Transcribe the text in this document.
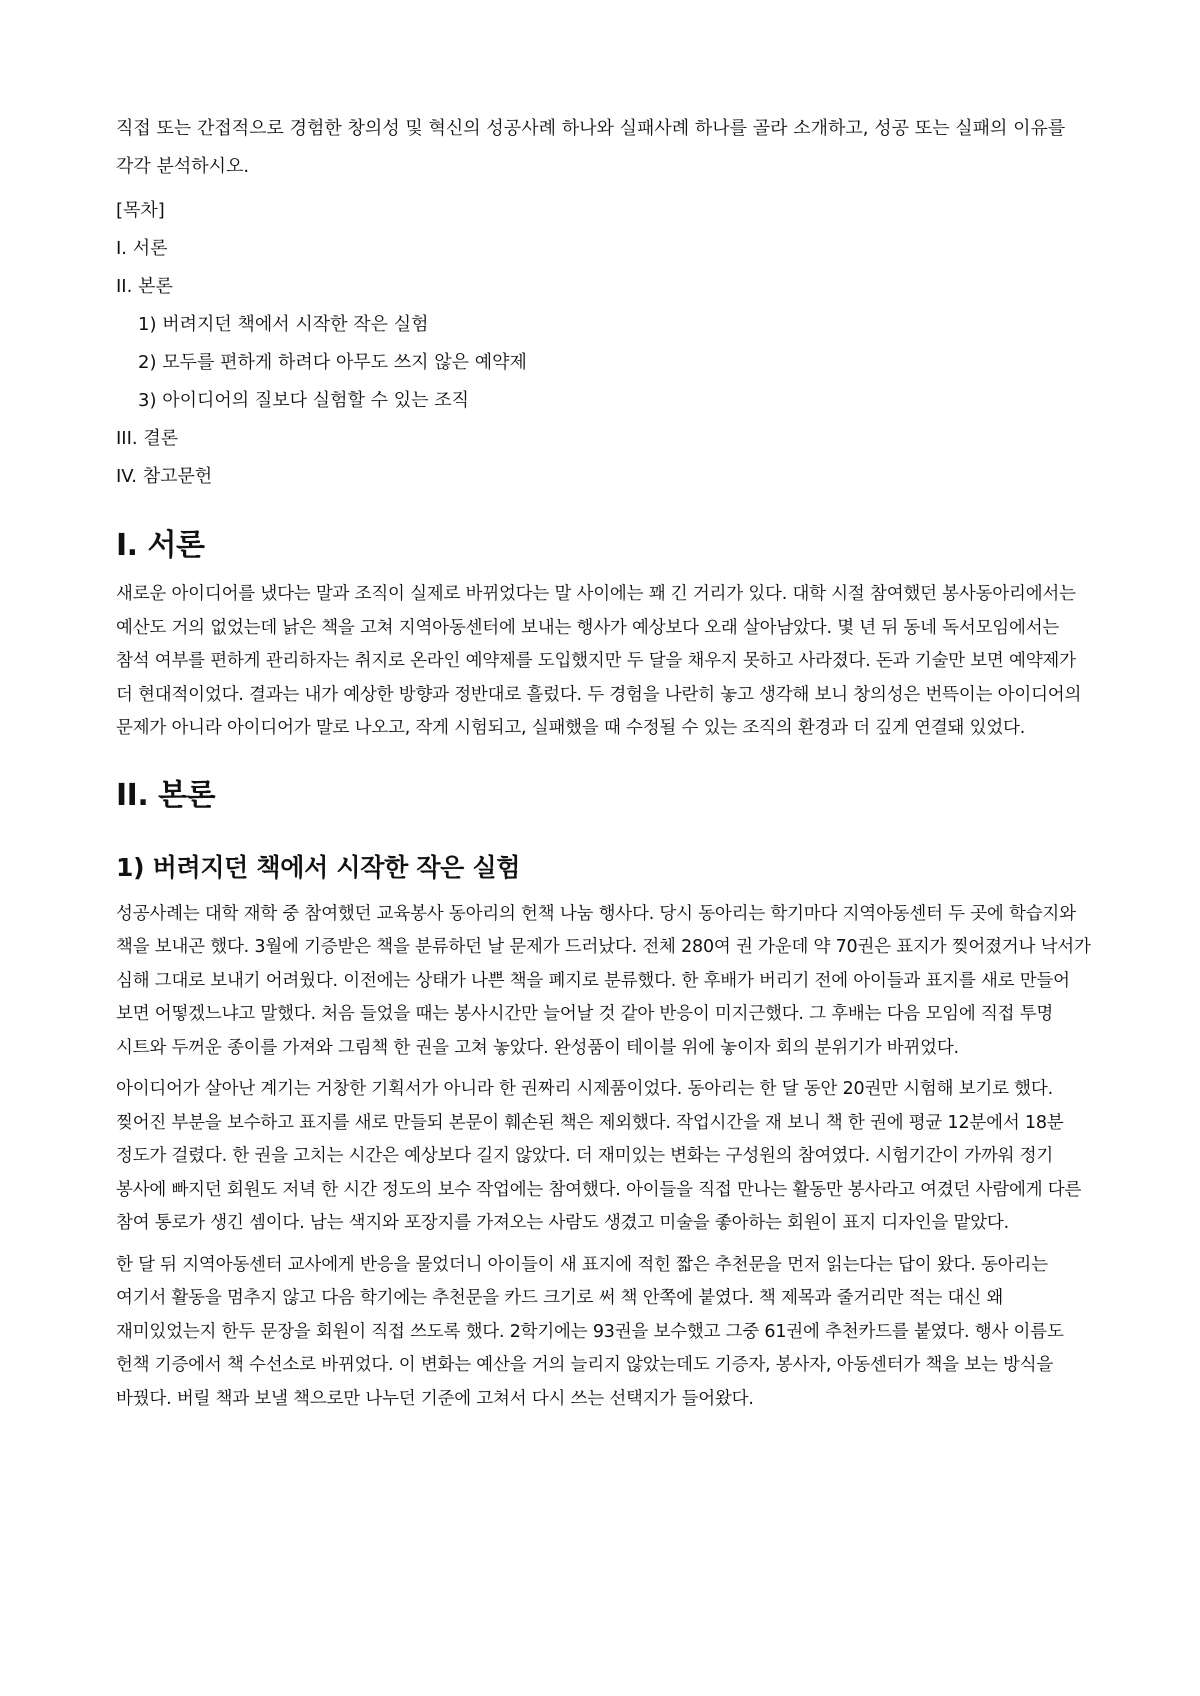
직접 또는 간접적으로 경험한 창의성 및 혁신의 성공사례 하나와 실패사례 하나를 골라 소개하고, 성공 또는 실패의 이유를 각각 분석하시오.

[목차]

I. 서론
II. 본론
1) 버려지던 책에서 시작한 작은 실험
2) 모두를 편하게 하려다 아무도 쓰지 않은 예약제
3) 아이디어의 질보다 실험할 수 있는 조직
III. 결론
IV. 참고문헌
I. 서론

새로운 아이디어를 냈다는 말과 조직이 실제로 바뀌었다는 말 사이에는 꽤 긴 거리가 있다. 대학 시절 참여했던 봉사동아리에서는 예산도 거의 없었는데 낡은 책을 고쳐 지역아동센터에 보내는 행사가 예상보다 오래 살아남았다. 몇 년 뒤 동네 독서모임에서는 참석 여부를 편하게 관리하자는 취지로 온라인 예약제를 도입했지만 두 달을 채우지 못하고 사라졌다. 돈과 기술만 보면 예약제가 더 현대적이었다. 결과는 내가 예상한 방향과 정반대로 흘렀다. 두 경험을 나란히 놓고 생각해 보니 창의성은 번뜩이는 아이디어의 문제가 아니라 아이디어가 말로 나오고, 작게 시험되고, 실패했을 때 수정될 수 있는 조직의 환경과 더 깊게 연결돼 있었다.

II. 본론
1) 버려지던 책에서 시작한 작은 실험

성공사례는 대학 재학 중 참여했던 교육봉사 동아리의 헌책 나눔 행사다. 당시 동아리는 학기마다 지역아동센터 두 곳에 학습지와 책을 보내곤 했다. 3월에 기증받은 책을 분류하던 날 문제가 드러났다. 전체 280여 권 가운데 약 70권은 표지가 찢어졌거나 낙서가 심해 그대로 보내기 어려웠다. 이전에는 상태가 나쁜 책을 폐지로 분류했다. 한 후배가 버리기 전에 아이들과 표지를 새로 만들어 보면 어떻겠느냐고 말했다. 처음 들었을 때는 봉사시간만 늘어날 것 같아 반응이 미지근했다. 그 후배는 다음 모임에 직접 투명 시트와 두꺼운 종이를 가져와 그림책 한 권을 고쳐 놓았다. 완성품이 테이블 위에 놓이자 회의 분위기가 바뀌었다.

아이디어가 살아난 계기는 거창한 기획서가 아니라 한 권짜리 시제품이었다. 동아리는 한 달 동안 20권만 시험해 보기로 했다. 찢어진 부분을 보수하고 표지를 새로 만들되 본문이 훼손된 책은 제외했다. 작업시간을 재 보니 책 한 권에 평균 12분에서 18분 정도가 걸렸다. 한 권을 고치는 시간은 예상보다 길지 않았다. 더 재미있는 변화는 구성원의 참여였다. 시험기간이 가까워 정기 봉사에 빠지던 회원도 저녁 한 시간 정도의 보수 작업에는 참여했다. 아이들을 직접 만나는 활동만 봉사라고 여겼던 사람에게 다른 참여 통로가 생긴 셈이다. 남는 색지와 포장지를 가져오는 사람도 생겼고 미술을 좋아하는 회원이 표지 디자인을 맡았다.

한 달 뒤 지역아동센터 교사에게 반응을 물었더니 아이들이 새 표지에 적힌 짧은 추천문을 먼저 읽는다는 답이 왔다. 동아리는 여기서 활동을 멈추지 않고 다음 학기에는 추천문을 카드 크기로 써 책 안쪽에 붙였다. 책 제목과 줄거리만 적는 대신 왜 재미있었는지 한두 문장을 회원이 직접 쓰도록 했다. 2학기에는 93권을 보수했고 그중 61권에 추천카드를 붙였다. 행사 이름도 헌책 기증에서 책 수선소로 바뀌었다. 이 변화는 예산을 거의 늘리지 않았는데도 기증자, 봉사자, 아동센터가 책을 보는 방식을 바꿨다. 버릴 책과 보낼 책으로만 나누던 기준에 고쳐서 다시 쓰는 선택지가 들어왔다.
